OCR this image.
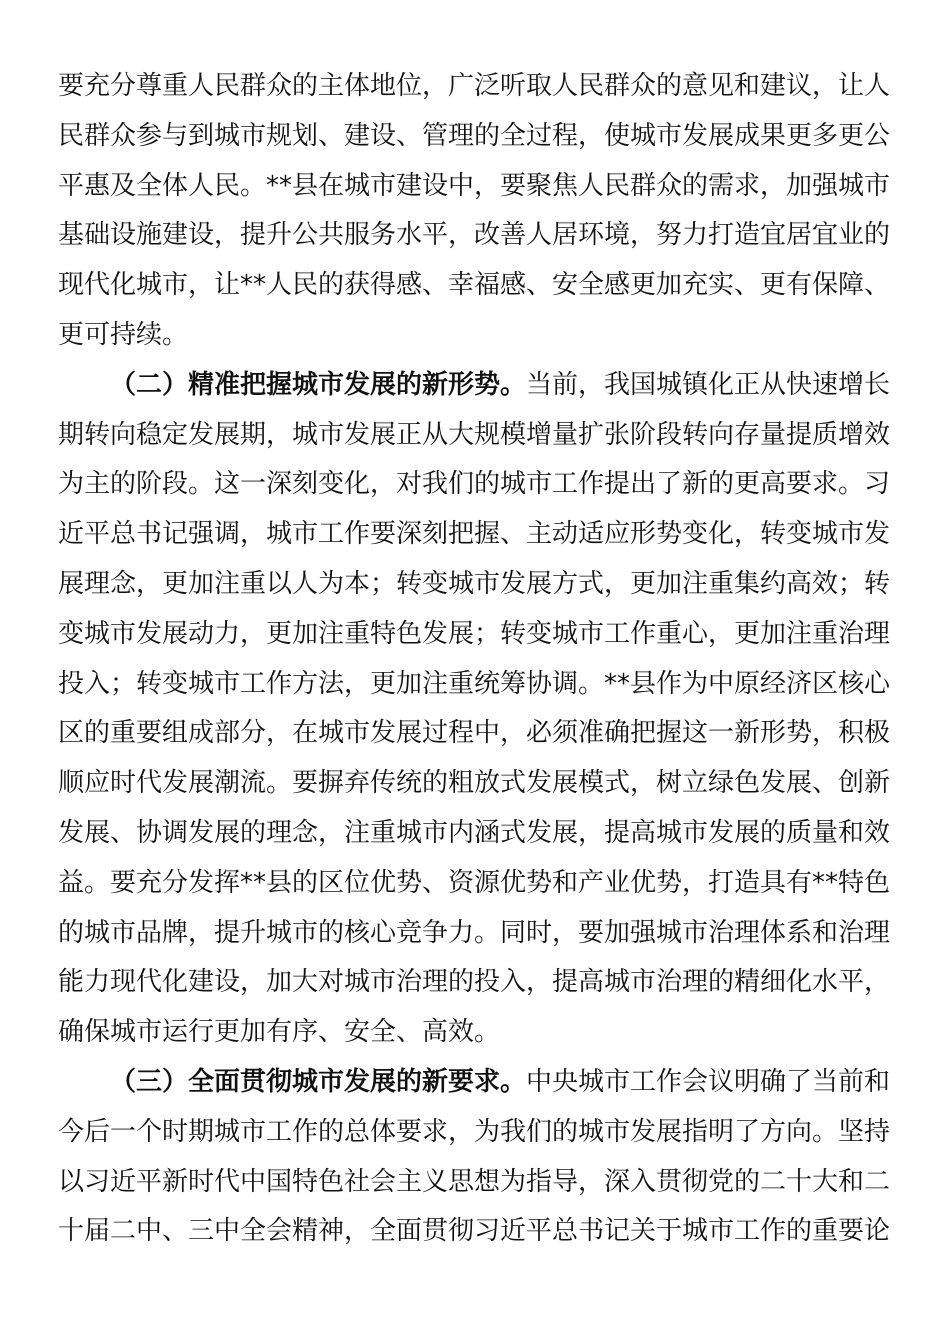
要充分尊重人民群众的主体地位，广泛听取人民群众的意见和建议，让人
民群众参与到城市规划、建设、管理的全过程，使城市发展成果更多更公
平惠及全体人民。**县在城市建设中，要聚焦人民群众的需求，加强城市
基础设施建设，提升公共服务水平，改善人居环境，努力打造宜居宜业的
现代化城市，让**人民的获得感、幸福感、安全感更加充实、更有保障、
更可持续。
（二）精准把握城市发展的新形势。当前，我国城镇化正从快速增长
期转向稳定发展期，城市发展正从大规模增量扩张阶段转向存量提质增效
为主的阶段。这一深刻变化，对我们的城市工作提出了新的更高要求。习
近平总书记强调，城市工作要深刻把握、主动适应形势变化，转变城市发
展理念，更加注重以人为本；转变城市发展方式，更加注重集约高效；转
变城市发展动力，更加注重特色发展；转变城市工作重心，更加注重治理
投入；转变城市工作方法，更加注重统筹协调。**县作为中原经济区核心
区的重要组成部分，在城市发展过程中，必须准确把握这一新形势，积极
顺应时代发展潮流。要摒弃传统的粗放式发展模式，树立绿色发展、创新
发展、协调发展的理念，注重城市内涵式发展，提高城市发展的质量和效
益。要充分发挥**县的区位优势、资源优势和产业优势，打造具有**特色
的城市品牌，提升城市的核心竞争力。同时，要加强城市治理体系和治理
能力现代化建设，加大对城市治理的投入，提高城市治理的精细化水平，
确保城市运行更加有序、安全、高效。
（三）全面贯彻城市发展的新要求。中央城市工作会议明确了当前和
今后一个时期城市工作的总体要求，为我们的城市发展指明了方向。坚持
以习近平新时代中国特色社会主义思想为指导，深入贯彻党的二十大和二
十届二中、三中全会精神，全面贯彻习近平总书记关于城市工作的重要论
